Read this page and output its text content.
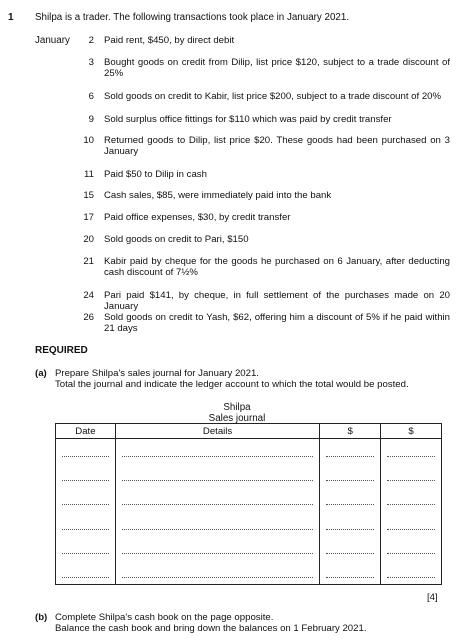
1 Shilpa is a trader. The following transactions took place in January 2021.
January	2	Paid rent, $450, by direct debit
3	Bought goods on credit from Dilip, list price $120, subject to a trade discount of 25%
6	Sold goods on credit to Kabir, list price $200, subject to a trade discount of 20%
9	Sold surplus office fittings for $110 which was paid by credit transfer
10	Returned goods to Dilip, list price $20. These goods had been purchased on 3 January
11	Paid $50 to Dilip in cash
15	Cash sales, $85, were immediately paid into the bank
17	Paid office expenses, $30, by credit transfer
20	Sold goods on credit to Pari, $150
21	Kabir paid by cheque for the goods he purchased on 6 January, after deducting cash discount of 7½%
24	Pari paid $141, by cheque, in full settlement of the purchases made on 20 January
26	Sold goods on credit to Yash, $62, offering him a discount of 5% if he paid within 21 days
REQUIRED
(a) Prepare Shilpa's sales journal for January 2021.
Total the journal and indicate the ledger account to which the total would be posted.
Shilpa
Sales journal
Date	Details	$	$

[4]
(b) Complete Shilpa's cash book on the page opposite.
Balance the cash book and bring down the balances on 1 February 2021.
